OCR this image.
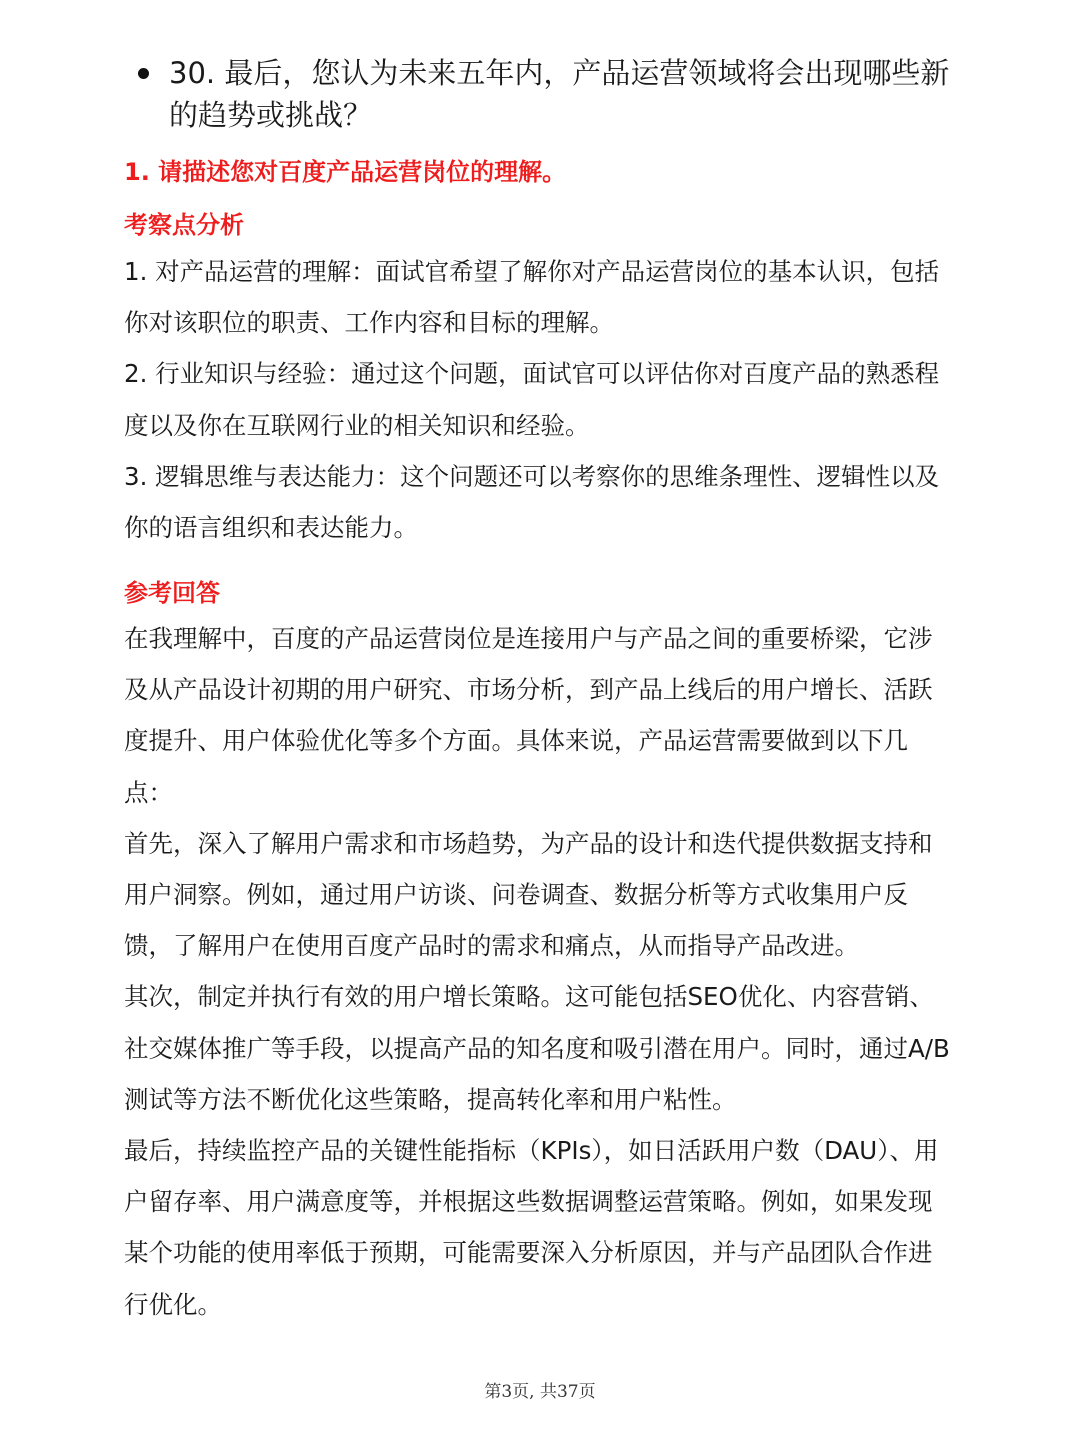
30. 最后，您认为未来五年内，产品运营领域将会出现哪些新的趋势或挑战？
1. 请描述您对百度产品运营岗位的理解。
考察点分析

1. 对产品运营的理解：面试官希望了解你对产品运营岗位的基本认识，包括你对该职位的职责、工作内容和目标的理解。

2. 行业知识与经验：通过这个问题，面试官可以评估你对百度产品的熟悉程度以及你在互联网行业的相关知识和经验。

3. 逻辑思维与表达能力：这个问题还可以考察你的思维条理性、逻辑性以及你的语言组织和表达能力。

参考回答

在我理解中，百度的产品运营岗位是连接用户与产品之间的重要桥梁，它涉及从产品设计初期的用户研究、市场分析，到产品上线后的用户增长、活跃度提升、用户体验优化等多个方面。具体来说，产品运营需要做到以下几点：

首先，深入了解用户需求和市场趋势，为产品的设计和迭代提供数据支持和用户洞察。例如，通过用户访谈、问卷调查、数据分析等方式收集用户反馈，了解用户在使用百度产品时的需求和痛点，从而指导产品改进。

其次，制定并执行有效的用户增长策略。这可能包括SEO优化、内容营销、社交媒体推广等手段，以提高产品的知名度和吸引潜在用户。同时，通过A/B测试等方法不断优化这些策略，提高转化率和用户粘性。

最后，持续监控产品的关键性能指标（KPIs），如日活跃用户数（DAU）、用户留存率、用户满意度等，并根据这些数据调整运营策略。例如，如果发现某个功能的使用率低于预期，可能需要深入分析原因，并与产品团队合作进行优化。

第3页, 共37页
